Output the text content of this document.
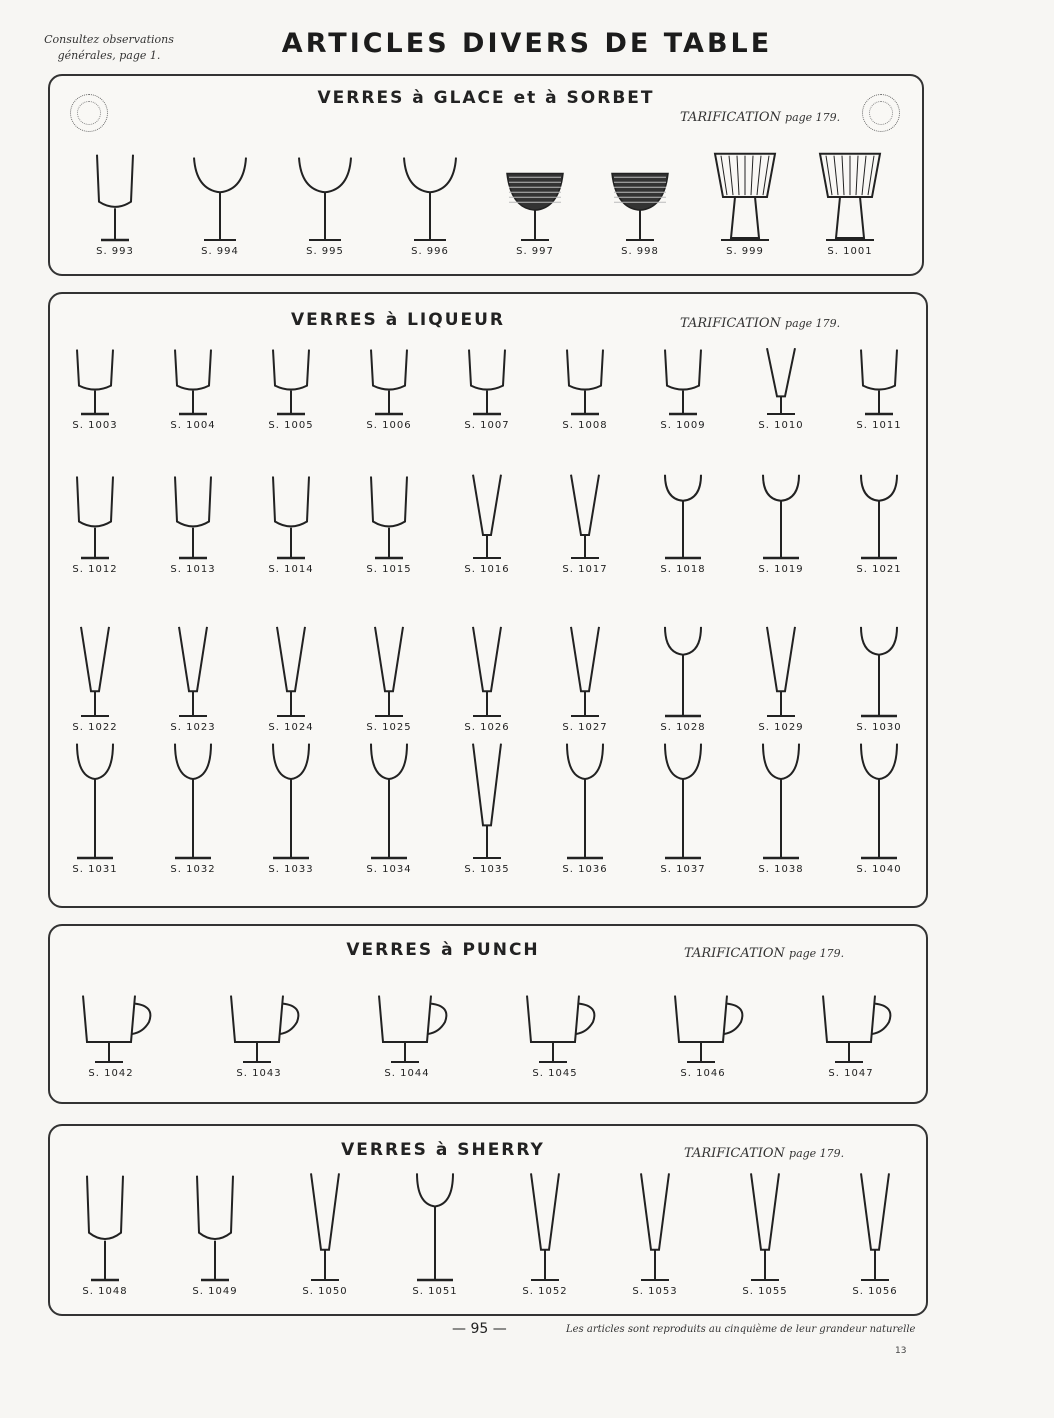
Consultez observations
générales, page 1.	ARTICLES DIVERS DE TABLE
VERRES à GLACE et à SORBET
TARIFICATION page 179.
S. 993	S. 994	S. 995	S. 996	S. 997	S. 998	S. 999	S. 1001
VERRES à LIQUEUR	TARIFICATION page 179.
S. 1003	S. 1004	S. 1005	S. 1006	S. 1007	S. 1008	S. 1009	S. 1010	S. 1011
S. 1012	S. 1013	S. 1014	S. 1015	S. 1016	S. 1017	S. 1018	S. 1019	S. 1021
S. 1022	S. 1023	S. 1024	S. 1025	S. 1026	S. 1027	S. 1028	S. 1029	S. 1030
S. 1031	S. 1032	S. 1033	S. 1034	S. 1035	S. 1036	S. 1037	S. 1038	S. 1040
VERRES à PUNCH	TARIFICATION page 179.
S. 1042	S. 1043	S. 1044	S. 1045	S. 1046	S. 1047
VERRES à SHERRY	TARIFICATION page 179.
S. 1048	S. 1049	S. 1050	S. 1051	S. 1052	S. 1053	S. 1055	S. 1056
— 95 —	Les articles sont reproduits au cinquième de leur grandeur naturelle
13
